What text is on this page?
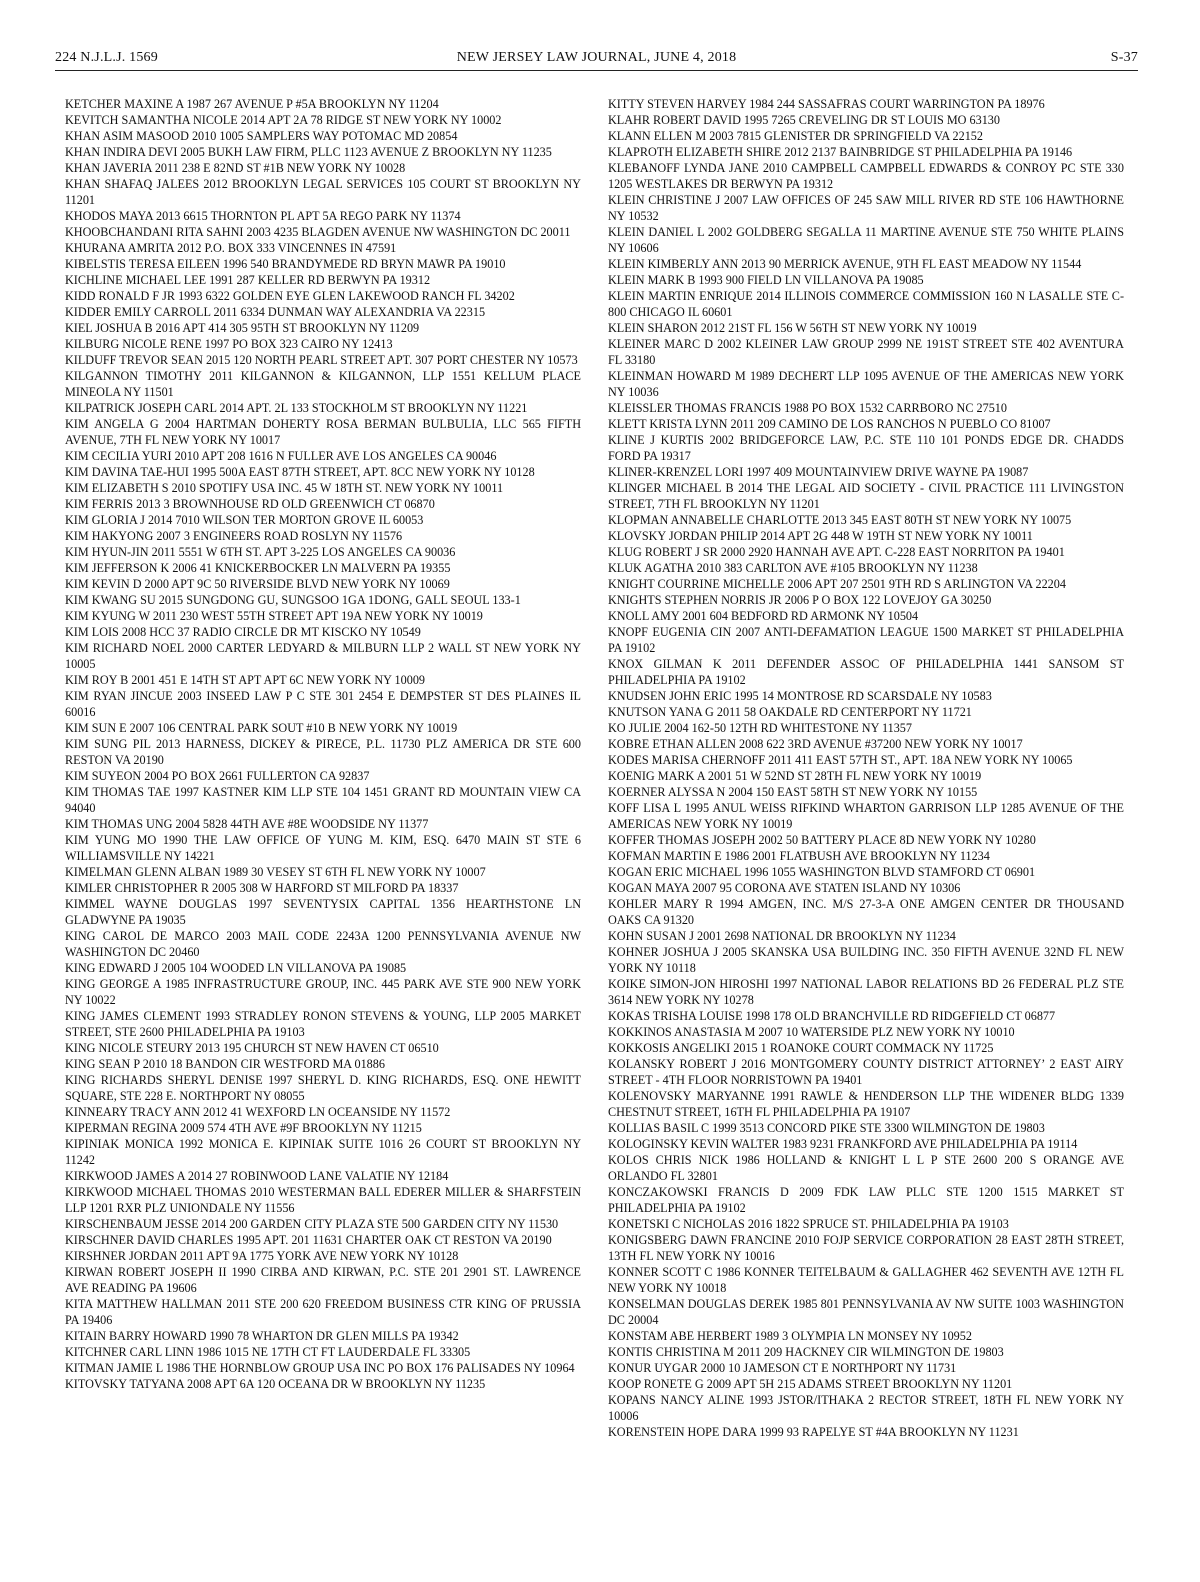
224 N.J.L.J. 1569	NEW JERSEY LAW JOURNAL, JUNE 4, 2018	S-37

KETCHER MAXINE A 1987 267 AVENUE P #5A BROOKLYN NY 11204

KEVITCH SAMANTHA NICOLE 2014 APT 2A 78 RIDGE ST NEW YORK NY 10002

KHAN ASIM MASOOD 2010 1005 SAMPLERS WAY POTOMAC MD 20854

KHAN INDIRA DEVI 2005 BUKH LAW FIRM, PLLC 1123 AVENUE Z BROOKLYN NY 11235

KHAN JAVERIA 2011 238 E 82ND ST #1B NEW YORK NY 10028

KHAN SHAFAQ JALEES 2012 BROOKLYN LEGAL SERVICES 105 COURT ST BROOKLYN NY 11201

KHODOS MAYA 2013 6615 THORNTON PL APT 5A REGO PARK NY 11374

KHOOBCHANDANI RITA SAHNI 2003 4235 BLAGDEN AVENUE NW WASHINGTON DC 20011

KHURANA AMRITA 2012 P.O. BOX 333 VINCENNES IN 47591

KIBELSTIS TERESA EILEEN 1996 540 BRANDYMEDE RD BRYN MAWR PA 19010

KICHLINE MICHAEL LEE 1991 287 KELLER RD BERWYN PA 19312

KIDD RONALD F JR 1993 6322 GOLDEN EYE GLEN LAKEWOOD RANCH FL 34202

KIDDER EMILY CARROLL 2011 6334 DUNMAN WAY ALEXANDRIA VA 22315

KIEL JOSHUA B 2016 APT 414 305 95TH ST BROOKLYN NY 11209

KILBURG NICOLE RENE 1997 PO BOX 323 CAIRO NY 12413

KILDUFF TREVOR SEAN 2015 120 NORTH PEARL STREET APT. 307 PORT CHESTER NY 10573

KILGANNON TIMOTHY 2011 KILGANNON & KILGANNON, LLP 1551 KELLUM PLACE MINEOLA NY 11501

KILPATRICK JOSEPH CARL 2014 APT. 2L 133 STOCKHOLM ST BROOKLYN NY 11221

KIM ANGELA G 2004 HARTMAN DOHERTY ROSA BERMAN BULBULIA, LLC 565 FIFTH AVENUE, 7TH FL NEW YORK NY 10017

KIM CECILIA YURI 2010 APT 208 1616 N FULLER AVE LOS ANGELES CA 90046

KIM DAVINA TAE-HUI 1995 500A EAST 87TH STREET, APT. 8CC NEW YORK NY 10128

KIM ELIZABETH S 2010 SPOTIFY USA INC. 45 W 18TH ST. NEW YORK NY 10011

KIM FERRIS 2013 3 BROWNHOUSE RD OLD GREENWICH CT 06870

KIM GLORIA J 2014 7010 WILSON TER MORTON GROVE IL 60053

KIM HAKYONG 2007 3 ENGINEERS ROAD ROSLYN NY 11576

KIM HYUN-JIN 2011 5551 W 6TH ST. APT 3-225 LOS ANGELES CA 90036

KIM JEFFERSON K 2006 41 KNICKERBOCKER LN MALVERN PA 19355

KIM KEVIN D 2000 APT 9C 50 RIVERSIDE BLVD NEW YORK NY 10069

KIM KWANG SU 2015 SUNGDONG GU, SUNGSOO 1GA 1DONG, GALL SEOUL 133-1

KIM KYUNG W 2011 230 WEST 55TH STREET APT 19A NEW YORK NY 10019

KIM LOIS 2008 HCC 37 RADIO CIRCLE DR MT KISCKO NY 10549

KIM RICHARD NOEL 2000 CARTER LEDYARD & MILBURN LLP 2 WALL ST NEW YORK NY 10005

KIM ROY B 2001 451 E 14TH ST APT APT 6C NEW YORK NY 10009

KIM RYAN JINCUE 2003 INSEED LAW P C STE 301 2454 E DEMPSTER ST DES PLAINES IL 60016

KIM SUN E 2007 106 CENTRAL PARK SOUT #10 B NEW YORK NY 10019

KIM SUNG PIL 2013 HARNESS, DICKEY & PIRECE, P.L. 11730 PLZ AMERICA DR STE 600 RESTON VA 20190

KIM SUYEON 2004 PO BOX 2661 FULLERTON CA 92837

KIM THOMAS TAE 1997 KASTNER KIM LLP STE 104 1451 GRANT RD MOUNTAIN VIEW CA 94040

KIM THOMAS UNG 2004 5828 44TH AVE #8E WOODSIDE NY 11377

KIM YUNG MO 1990 THE LAW OFFICE OF YUNG M. KIM, ESQ. 6470 MAIN ST STE 6 WILLIAMSVILLE NY 14221

KIMELMAN GLENN ALBAN 1989 30 VESEY ST 6TH FL NEW YORK NY 10007

KIMLER CHRISTOPHER R 2005 308 W HARFORD ST MILFORD PA 18337

KIMMEL WAYNE DOUGLAS 1997 SEVENTYSIX CAPITAL 1356 HEARTHSTONE LN GLADWYNE PA 19035

KING CAROL DE MARCO 2003 MAIL CODE 2243A 1200 PENNSYLVANIA AVENUE NW WASHINGTON DC 20460

KING EDWARD J 2005 104 WOODED LN VILLANOVA PA 19085

KING GEORGE A 1985 INFRASTRUCTURE GROUP, INC. 445 PARK AVE STE 900 NEW YORK NY 10022

KING JAMES CLEMENT 1993 STRADLEY RONON STEVENS & YOUNG, LLP 2005 MARKET STREET, STE 2600 PHILADELPHIA PA 19103

KING NICOLE STEURY 2013 195 CHURCH ST NEW HAVEN CT 06510

KING SEAN P 2010 18 BANDON CIR WESTFORD MA 01886

KING RICHARDS SHERYL DENISE 1997 SHERYL D. KING RICHARDS, ESQ. ONE HEWITT SQUARE, STE 228 E. NORTHPORT NY 08055

KINNEARY TRACY ANN 2012 41 WEXFORD LN OCEANSIDE NY 11572

KIPERMAN REGINA 2009 574 4TH AVE #9F BROOKLYN NY 11215

KIPINIAK MONICA 1992 MONICA E. KIPINIAK SUITE 1016 26 COURT ST BROOKLYN NY 11242

KIRKWOOD JAMES A 2014 27 ROBINWOOD LANE VALATIE NY 12184

KIRKWOOD MICHAEL THOMAS 2010 WESTERMAN BALL EDERER MILLER & SHARFSTEIN LLP 1201 RXR PLZ UNIONDALE NY 11556

KIRSCHENBAUM JESSE 2014 200 GARDEN CITY PLAZA STE 500 GARDEN CITY NY 11530

KIRSCHNER DAVID CHARLES 1995 APT. 201 11631 CHARTER OAK CT RESTON VA 20190

KIRSHNER JORDAN 2011 APT 9A 1775 YORK AVE NEW YORK NY 10128

KIRWAN ROBERT JOSEPH II 1990 CIRBA AND KIRWAN, P.C. STE 201 2901 ST. LAWRENCE AVE READING PA 19606

KITA MATTHEW HALLMAN 2011 STE 200 620 FREEDOM BUSINESS CTR KING OF PRUSSIA PA 19406

KITAIN BARRY HOWARD 1990 78 WHARTON DR GLEN MILLS PA 19342

KITCHNER CARL LINN 1986 1015 NE 17TH CT FT LAUDERDALE FL 33305

KITMAN JAMIE L 1986 THE HORNBLOW GROUP USA INC PO BOX 176 PALISADES NY 10964

KITOVSKY TATYANA 2008 APT 6A 120 OCEANA DR W BROOKLYN NY 11235

KITTY STEVEN HARVEY 1984 244 SASSAFRAS COURT WARRINGTON PA 18976

KLAHR ROBERT DAVID 1995 7265 CREVELING DR ST LOUIS MO 63130

KLANN ELLEN M 2003 7815 GLENISTER DR SPRINGFIELD VA 22152

KLAPROTH ELIZABETH SHIRE 2012 2137 BAINBRIDGE ST PHILADELPHIA PA 19146

KLEBANOFF LYNDA JANE 2010 CAMPBELL CAMPBELL EDWARDS & CONROY PC STE 330 1205 WESTLAKES DR BERWYN PA 19312

KLEIN CHRISTINE J 2007 LAW OFFICES OF 245 SAW MILL RIVER RD STE 106 HAWTHORNE NY 10532

KLEIN DANIEL L 2002 GOLDBERG SEGALLA 11 MARTINE AVENUE STE 750 WHITE PLAINS NY 10606

KLEIN KIMBERLY ANN 2013 90 MERRICK AVENUE, 9TH FL EAST MEADOW NY 11544

KLEIN MARK B 1993 900 FIELD LN VILLANOVA PA 19085

KLEIN MARTIN ENRIQUE 2014 ILLINOIS COMMERCE COMMISSION 160 N LASALLE STE C-800 CHICAGO IL 60601

KLEIN SHARON 2012 21ST FL 156 W 56TH ST NEW YORK NY 10019

KLEINER MARC D 2002 KLEINER LAW GROUP 2999 NE 191ST STREET STE 402 AVENTURA FL 33180

KLEINMAN HOWARD M 1989 DECHERT LLP 1095 AVENUE OF THE AMERICAS NEW YORK NY 10036

KLEISSLER THOMAS FRANCIS 1988 PO BOX 1532 CARRBORO NC 27510

KLETT KRISTA LYNN 2011 209 CAMINO DE LOS RANCHOS N PUEBLO CO 81007

KLINE J KURTIS 2002 BRIDGEFORCE LAW, P.C. STE 110 101 PONDS EDGE DR. CHADDS FORD PA 19317

KLINER-KRENZEL LORI 1997 409 MOUNTAINVIEW DRIVE WAYNE PA 19087

KLINGER MICHAEL B 2014 THE LEGAL AID SOCIETY - CIVIL PRACTICE 111 LIVINGSTON STREET, 7TH FL BROOKLYN NY 11201

KLOPMAN ANNABELLE CHARLOTTE 2013 345 EAST 80TH ST NEW YORK NY 10075

KLOVSKY JORDAN PHILIP 2014 APT 2G 448 W 19TH ST NEW YORK NY 10011

KLUG ROBERT J SR 2000 2920 HANNAH AVE APT. C-228 EAST NORRITON PA 19401

KLUK AGATHA 2010 383 CARLTON AVE #105 BROOKLYN NY 11238

KNIGHT COURRINE MICHELLE 2006 APT 207 2501 9TH RD S ARLINGTON VA 22204

KNIGHTS STEPHEN NORRIS JR 2006 P O BOX 122 LOVEJOY GA 30250

KNOLL AMY 2001 604 BEDFORD RD ARMONK NY 10504

KNOPF EUGENIA CIN 2007 ANTI-DEFAMATION LEAGUE 1500 MARKET ST PHILADELPHIA PA 19102

KNOX GILMAN K 2011 DEFENDER ASSOC OF PHILADELPHIA 1441 SANSOM ST PHILADELPHIA PA 19102

KNUDSEN JOHN ERIC 1995 14 MONTROSE RD SCARSDALE NY 10583

KNUTSON YANA G 2011 58 OAKDALE RD CENTERPORT NY 11721

KO JULIE 2004 162-50 12TH RD WHITESTONE NY 11357

KOBRE ETHAN ALLEN 2008 622 3RD AVENUE #37200 NEW YORK NY 10017

KODES MARISA CHERNOFF 2011 411 EAST 57TH ST., APT. 18A NEW YORK NY 10065

KOENIG MARK A 2001 51 W 52ND ST 28TH FL NEW YORK NY 10019

KOERNER ALYSSA N 2004 150 EAST 58TH ST NEW YORK NY 10155

KOFF LISA L 1995 ANUL WEISS RIFKIND WHARTON GARRISON LLP 1285 AVENUE OF THE AMERICAS NEW YORK NY 10019

KOFFER THOMAS JOSEPH 2002 50 BATTERY PLACE 8D NEW YORK NY 10280

KOFMAN MARTIN E 1986 2001 FLATBUSH AVE BROOKLYN NY 11234

KOGAN ERIC MICHAEL 1996 1055 WASHINGTON BLVD STAMFORD CT 06901

KOGAN MAYA 2007 95 CORONA AVE STATEN ISLAND NY 10306

KOHLER MARY R 1994 AMGEN, INC. M/S 27-3-A ONE AMGEN CENTER DR THOUSAND OAKS CA 91320

KOHN SUSAN J 2001 2698 NATIONAL DR BROOKLYN NY 11234

KOHNER JOSHUA J 2005 SKANSKA USA BUILDING INC. 350 FIFTH AVENUE 32ND FL NEW YORK NY 10118

KOIKE SIMON-JON HIROSHI 1997 NATIONAL LABOR RELATIONS BD 26 FEDERAL PLZ STE 3614 NEW YORK NY 10278

KOKAS TRISHA LOUISE 1998 178 OLD BRANCHVILLE RD RIDGEFIELD CT 06877

KOKKINOS ANASTASIA M 2007 10 WATERSIDE PLZ NEW YORK NY 10010

KOKKOSIS ANGELIKI 2015 1 ROANOKE COURT COMMACK NY 11725

KOLANSKY ROBERT J 2016 MONTGOMERY COUNTY DISTRICT ATTORNEY’ 2 EAST AIRY STREET - 4TH FLOOR NORRISTOWN PA 19401

KOLENOVSKY MARYANNE 1991 RAWLE & HENDERSON LLP THE WIDENER BLDG 1339 CHESTNUT STREET, 16TH FL PHILADELPHIA PA 19107

KOLLIAS BASIL C 1999 3513 CONCORD PIKE STE 3300 WILMINGTON DE 19803

KOLOGINSKY KEVIN WALTER 1983 9231 FRANKFORD AVE PHILADELPHIA PA 19114

KOLOS CHRIS NICK 1986 HOLLAND & KNIGHT L L P STE 2600 200 S ORANGE AVE ORLANDO FL 32801

KONCZAKOWSKI FRANCIS D 2009 FDK LAW PLLC STE 1200 1515 MARKET ST PHILADELPHIA PA 19102

KONETSKI C NICHOLAS 2016 1822 SPRUCE ST. PHILADELPHIA PA 19103

KONIGSBERG DAWN FRANCINE 2010 FOJP SERVICE CORPORATION 28 EAST 28TH STREET, 13TH FL NEW YORK NY 10016

KONNER SCOTT C 1986 KONNER TEITELBAUM & GALLAGHER 462 SEVENTH AVE 12TH FL NEW YORK NY 10018

KONSELMAN DOUGLAS DEREK 1985 801 PENNSYLVANIA AV NW SUITE 1003 WASHINGTON DC 20004

KONSTAM ABE HERBERT 1989 3 OLYMPIA LN MONSEY NY 10952

KONTIS CHRISTINA M 2011 209 HACKNEY CIR WILMINGTON DE 19803

KONUR UYGAR 2000 10 JAMESON CT E NORTHPORT NY 11731

KOOP RONETE G 2009 APT 5H 215 ADAMS STREET BROOKLYN NY 11201

KOPANS NANCY ALINE 1993 JSTOR/ITHAKA 2 RECTOR STREET, 18TH FL NEW YORK NY 10006

KORENSTEIN HOPE DARA 1999 93 RAPELYE ST #4A BROOKLYN NY 11231
